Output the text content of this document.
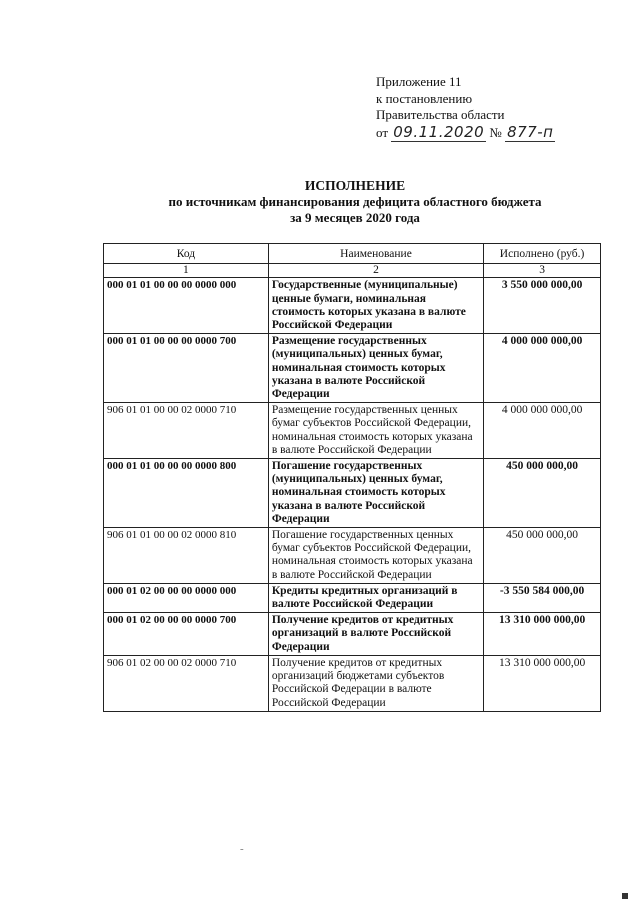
Приложение 11
к постановлению
Правительства области
от 09.11.2020 № 877-п
ИСПОЛНЕНИЕ
по источникам финансирования дефицита областного бюджета
за 9 месяцев 2020 года
Код	Наименование	Исполнено (руб.)
1	2	3
000 01 01 00 00 00 0000 000	Государственные (муниципальные) ценные бумаги, номинальная стоимость которых указана в валюте Российской Федерации	3 550 000 000,00
000 01 01 00 00 00 0000 700	Размещение государственных (муниципальных) ценных бумаг, номинальная стоимость которых указана в валюте Российской Федерации	4 000 000 000,00
906 01 01 00 00 02 0000 710	Размещение государственных ценных бумаг субъектов Российской Федерации, номинальная стоимость которых указана в валюте Российской Федерации	4 000 000 000,00
000 01 01 00 00 00 0000 800	Погашение государственных (муниципальных) ценных бумаг, номинальная стоимость которых указана в валюте Российской Федерации	450 000 000,00
906 01 01 00 00 02 0000 810	Погашение государственных ценных бумаг субъектов Российской Федерации, номинальная стоимость которых указана в валюте Российской Федерации	450 000 000,00
000 01 02 00 00 00 0000 000	Кредиты кредитных организаций в валюте Российской Федерации	-3 550 584 000,00
000 01 02 00 00 00 0000 700	Получение кредитов от кредитных организаций в валюте Российской Федерации	13 310 000 000,00
906 01 02 00 00 02 0000 710	Получение кредитов от кредитных организаций бюджетами субъектов Российской Федерации в валюте Российской Федерации	13 310 000 000,00
-
